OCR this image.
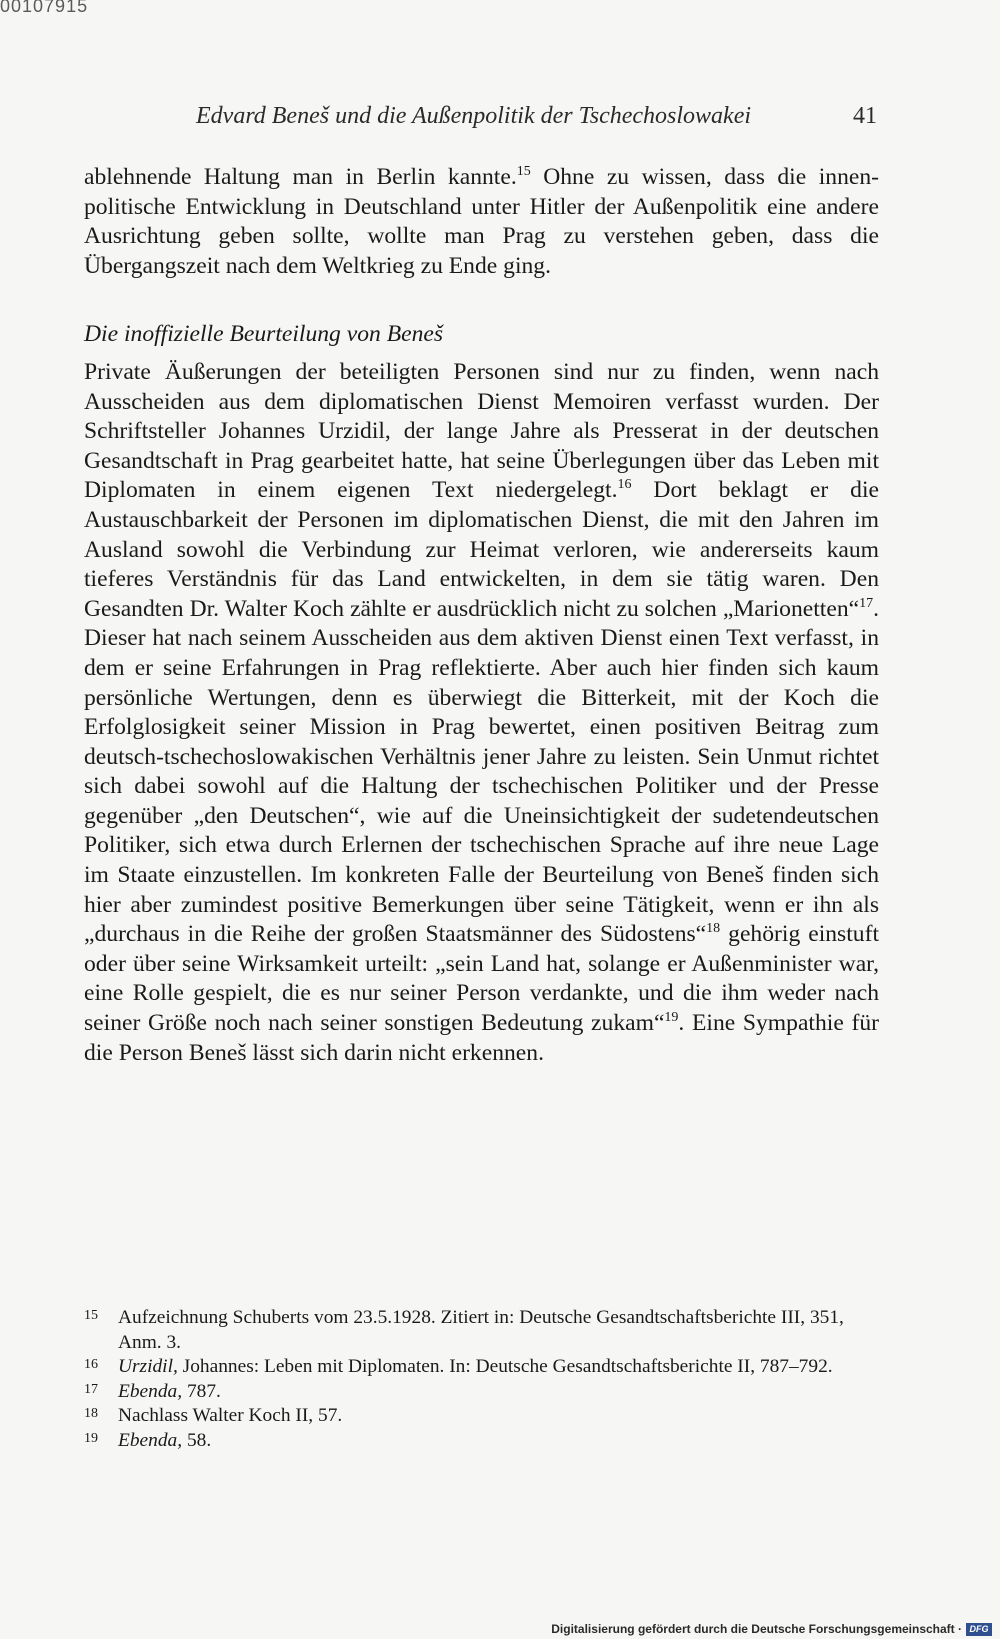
00107915
Edvard Beneš und die Außenpolitik der Tschechoslowakei	41

ablehnende Haltung man in Berlin kannte.$^{15}$ Ohne zu wissen, dass die innenpolitische Entwicklung in Deutschland unter Hitler der Außenpolitik eine andere Ausrichtung geben sollte, wollte man Prag zu verstehen geben, dass die Übergangszeit nach dem Weltkrieg zu Ende ging.

Die inoffizielle Beurteilung von Beneš

Private Äußerungen der beteiligten Personen sind nur zu finden, wenn nach Ausscheiden aus dem diplomatischen Dienst Memoiren verfasst wurden. Der Schriftsteller Johannes Urzidil, der lange Jahre als Presserat in der deutschen Gesandtschaft in Prag gearbeitet hatte, hat seine Überlegungen über das Leben mit Diplomaten in einem eigenen Text niedergelegt.$^{16}$ Dort beklagt er die Austauschbarkeit der Personen im diplomatischen Dienst, die mit den Jahren im Ausland sowohl die Verbindung zur Heimat verloren, wie andererseits kaum tieferes Verständnis für das Land entwickelten, in dem sie tätig waren. Den Gesandten Dr. Walter Koch zählte er ausdrücklich nicht zu solchen „Marionetten“$^{17}$. Dieser hat nach seinem Ausscheiden aus dem aktiven Dienst einen Text verfasst, in dem er seine Erfahrungen in Prag reflektierte. Aber auch hier finden sich kaum persönliche Wertungen, denn es überwiegt die Bitterkeit, mit der Koch die Erfolglosigkeit seiner Mission in Prag bewertet, einen positiven Beitrag zum deutsch-tschechoslowakischen Verhältnis jener Jahre zu leisten. Sein Unmut richtet sich dabei sowohl auf die Haltung der tschechischen Politiker und der Presse gegenüber „den Deutschen“, wie auf die Uneinsichtigkeit der sudetendeutschen Politiker, sich etwa durch Erlernen der tschechischen Sprache auf ihre neue Lage im Staate einzustellen. Im konkreten Falle der Beurteilung von Beneš finden sich hier aber zumindest positive Bemerkungen über seine Tätigkeit, wenn er ihn als „durchaus in die Reihe der großen Staatsmänner des Südostens“$^{18}$ gehörig einstuft oder über seine Wirksamkeit urteilt: „sein Land hat, solange er Außenminister war, eine Rolle gespielt, die es nur seiner Person verdankte, und die ihm weder nach seiner Größe noch nach seiner sonstigen Bedeutung zukam“$^{19}$. Eine Sympathie für die Person Beneš lässt sich darin nicht erkennen.

15	Aufzeichnung Schuberts vom 23.5.1928. Zitiert in: Deutsche Gesandtschaftsberichte III, 351, Anm. 3.
16	Urzidil, Johannes: Leben mit Diplomaten. In: Deutsche Gesandtschaftsberichte II, 787–792.
17	Ebenda, 787.
18	Nachlass Walter Koch II, 57.
19	Ebenda, 58.
Digitalisierung gefördert durch die Deutsche Forschungsgemeinschaft · DFG
